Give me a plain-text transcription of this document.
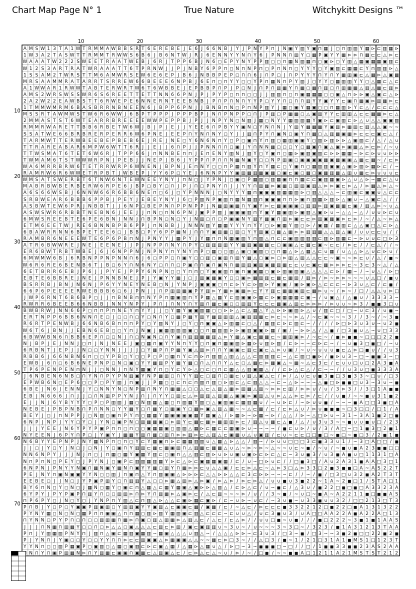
Chart Map Page N° 1	True Nature	Witchykitt Designs ™
A M S W 1 3 T A 1 W T R M M A W B B S R T 6 E R E B E J E 6 J 6 6 N B J Y J P N Y P ⊓ J N ▣ Y ▥ Y ▣ ⊓ ▦ J ◻ ⊓ ▥ ▥ Y ▦ ⊳ ⊏ ▥ ▦ ⊳
1 W 3 A 2 T A S W T T R M M T R W W S 6 B 6 J B 6 N T W J R J 6 E N N Y Y N ⊓ Y 6 J P N N ⊓ ▥ Y ◻ ▦ P ▣ Y Y ▦ ⊳ ⊳ ⊓ ▦ ⊏ ⊏ △ ⊳ ⊏
W A A A T W 2 2 2 S W E E T R A A T W E B J 6 R J T P P 6 B J N 6 ◻ E P Y N Y P P ▥ ◻ ◻ ⊓ ▦ N ▥ ▦ ⊓ ◻ ▣ ⊳ ◻ Y ▥ △ ▦ ▣ ▦ ▦ ▣ ▥ ⊏
W 1 2 S 3 A R T R A T W R A A A T T 6 T P R N W J J P J N B Y 6 P P ⊓ ◻ N ⊓ N P ⊓ ◻ P ⊓ N ⊓ ◻ Y Y Y ◻ Y ▣ ▥ ⊏ ▦ ▦ ⊏ Y ⊓ ▥ ▥ ⊳ △
1 S S A M 2 T W R S T T M 6 A M W R S E W 6 E 6 E P J B 6 J N B B P E P ◻ ⊓ ⊓ 6 J ⊓ P ◻ J ⊓ P Y Y Y ⊓ Y ⊓ Y ▦ ▥ ▣ ⊏ △ ▦ ⊳ △ ▣ ▦
M R S A A M M R A T A R R T S R R E W 6 6 B E E E 6 N P B J 6 E ⊓ ◻ ⊓ Y Y ◻ ◻ Y P ⊓ ▦ N ⊓ P Y ▥ J ◻ Y Y ◻ ▦ ▥ ▥ Y Y ◻ △ ▦ ⊏ △ ⊏
A 1 W W A R 1 R W W T A B T E R W R T W 6 T 6 W B B E J E P B B P ⊓ P J P ◻ N J ⊓ P ⊓ ▥ ▦ Y ⊓ ▦ ◻ ▦ ⊓ ▥ ◻ ⊓ ▥ ▦ ▦ △ ▥ △ ▦ ⊏ ▥ ⊳
A M S 2 W R S W S S W R 6 S 6 R E E T T E T T N N 6 6 P N J P J P Y P ◻ ⊓ ⊓ ◻ ◻ J J ▥ ▥ ⊓ ◻ ⊓ ▣ ▦ ▦ ▦ ◻ ◻ ▣ △ ⊓ ⊳ ⊳ ▣ △ ▣ ⊏ △ ⊳
2 A 2 W 2 2 E A W B S T T 6 R W E P E 6 N N E R N T E E B N B J P ⊓ P ⊓ N ⊓ Y Y P ◻ Y Y ⊓ ◻ ⊓ ⊓ ▥ Y Y ▣ Y Y ⊏ ▣ ⊓ ▦ ▣ ⊳ ▥ ▦ ⊳ ⊏
1 T M M W M R M 6 B A S B R R N B N E E N 6 J B P P 6 P N J J B N B ⊓ N ◻ P ⊓ N P ▥ Y J ▦ ◻ ▣ Y ▦ ▣ ◻ ◻ ⊓ ▦ ▥ ⊳ Y ⊏ △ / ⊏ ⊏ ⊏ △
M S S R T A W M W S T W 6 R 6 W W J 6 B P T P P P J P P P B P J N ⊓ P N P P ◻ ⊓ J P ▥ ◻ P ▦ ▦ ◻ △ ▣ ▥ Y Y ⊏ ▥ ▥ △ ⊏ ⊏ ▦ ▦ ⊳ ⊏ △
2 M M A S T S T 6 W T E A R R B R E E E E W W P E P P B J P J J N P Y N ◻ N ▥ J ▦ ◻ N Y Y ▦ ▥ ▥ ▦ Y ▣ ⊳ ⊏ ▣ ▥ ⊏ ⊳ △ ∪ △ △ ▣ ▣ ▥
R M M R W A R E T T B B 6 R B E T W 6 W J B J P J E J J Y E E 6 ⊓ P B Y Y ▣ N ◻ Y N ⊓ N J Y ▥ Y ▦ ▦ ▦ Y ▣ ▥ ⊳ ▦ ▥ ⊏ ▥ △ △ ▣ ~ ~
S S A T W E 6 6 B R B R E R P E R R 6 W 6 P N E J E E P ⊓ Y N ⊓ N Y ◻ Y J J ▥ ⊓ P Y ⊓ ▣ N ◻ ▣ Y ⊓ ▦ ◻ △ ▥ ▦ ▣ ▦ ⊳ ⊏ ⊏ ⊏ ▣ ⊏ △ /
T A R M W T T E R W B E E B E P B E B 6 E J R E J N E ◻ Y 6 N 6 N ⊓ Y ◻ P ◻ ▣ ⊓ Y ⊓ ▥ ◻ ▦ ▥ ▣ ▣ Y ◻ ▥ ⊳ ▥ ⊳ ⊳ △ ▣ ▥ ⊏ / △ / △ ∪
T T R A R E A B A R 6 M P W 6 W T T 6 R J J E J J 6 ⊓ P J J P N N ⊓ ⊓ ◻ ▣ J Y ⊓ N N ▦ ◻ ◻ ◻ Y ◻ ▦ ▣ ⊓ ▣ △ ▣ ⊳ ▣ ▦ △ ⊳ ⊏ ⊳ / ~ ∪
T T W S M A T 6 T E T 6 W 6 R J T P P 6 6 J ⊓ N N B E ⊓ ⊓ J E ⊓ E N Y ▥ N J ▥ Y ◻ Y ▣ ⊓ ◻ ▦ ⊳ ▣ ▥ ▣ ▥ ⊏ ⊳ ⊳ ▦ ▦ ~ ⊳ ⊏ ⊳ ∪ ∪ ⊳ ⊳
T W M A M 6 T S T W W W R P N J P E B J J N E P J B 6 J Y P P ⊓ P ⊓ ⊓ N ▦ N ▣ Y ◻ ◻ N P ▥ ▣ ◻ ▣ ▣ ▣ ▣ ▦ ▣ ▦ ▣ ▣ △ ▦ ⊏ ▦ ~ / ⊏ ⊳
W A 6 M R R B R W 6 T E T R R W R P 6 W N E N J B P N J E ⊓ N Y ◻ ◻ ⊓ P ▦ ⊓ ▥ Y ⊓ Y ▦ ⊏ ◻ Y ▣ ⊓ ◻ ▦ ▥ ▥ ▣ ▣ △ ▣ ⊳ ▥ ⊳ ▦ ⊳ ⊏ / ~
R A M R W 6 R 6 W W E T R P B T J W B E P J Y Y 6 P ◻ Y E J 6 N N P Y Y ▣ ▥ ▦ ▥ ▦ ▣ ▦ ◻ ▣ ⊏ ▣ ◻ ▦ ◻ ▣ ▦ ▥ ▦ △ ▥ ∪ ▦ ⊏ ⊳ ∪ ∪ ∪ ⊏
W M S A T S W E R B T 6 T N W 6 N T E W N E E Y N Y J ⊓ N ◻ J Y P N J ◻ ▣ ◻ P ▦ ▥ ◻ ▥ ▦ ▣ ⊓ ⊓ ▦ ⊏ ⊏ ▣ ▥ ▦ ▣ ⊳ △ ∪ △ ⊳ ~ ▦ ⊏ △ ∪
M A B R B W B E R B E R W 6 R P E 6 J B P ◻ B Y ◻ ⊓ J P J ⊓ ◻ P N Y ⊓ J J Y Y ⊓ ▥ ▦ ⊳ ▣ ▦ ◻ ▥ ▥ ▣ ▥ △ ⊳ ⊳ ▣ ⊏ ⊳ △ / ⊳ ▦ △ ⊳ △ ~
A 6 S 6 6 W S B J 6 N N W 6 6 R 6 B B 6 N E ⊓ ◻ 6 J ◻ Y P N N N J ◻ N Y Y Y ▦ ⊓ ▣ ▣ ▣ ▥ ▦ ▦ ▥ ⊳ ◻ ▥ △ △ △ ~ ⊏ ▥ ▣ ⊏ ▣ ▣ ∪ △ ⊏ ⊏
S R B W E A R 6 B B B 6 P P B J P E Y J E B E Y N Y J 6 ◻ P ▥ N P ▣ ▥ ⊓ ▦ N ▦ ▥ ⊓ ▣ ▣ ▣ ⊓ ⊓ ⊳ ▣ ⊓ ▥ ▦ ⊳ ▥ ⊳ △ ▣ ∪ ~ △ ▣ ⊏ △ / /
A S B W T E W 6 P R J N B B T J J 6 N P ◻ B E P N ⊓ P P N P P J N ▦ ▥ ▣ ▦ ⊓ Y ▣ Y ⊳ ⊏ ▦ ▣ ▣ ▣ ◻ ▥ ▥ ⊳ ▥ ▣ ▦ ▦ ⊏ ▣ / ▥ △ ⊳ ~ ∪ △
A S W S W R 6 R B B T N E B N 6 J E E J J ⊓ N ◻ ⊓ N 6 P N J ▣ P P ▥ J ▣ ▣ ▣ ▥ ⊓ Y ▣ Y ▦ ▣ ▥ ⊳ ▣ ▥ △ ▣ ⊳ ∪ ~ △ △ ~ △ / ∪ ∪ ⊳ ⊏ ∪
6 M W S R E E B T E 6 P E 6 B N J N N J ⊓ B P N ◻ N ◻ Y J N ▥ ◻ ⊓ ◻ P ▣ ▣ N Y ▥ Y ▦ ▣ ⊓ ▥ ⊳ ▣ ⊏ ⊏ ⊳ ▥ ▣ ▦ ▣ ⊳ ⊏ ⊳ / ~ / △ ~ ⊳ △
E T M 6 E E T W J R E 6 B N N B P B 6 P P J ⊓ N B B J J N N N ▥ Y ▦ ▦ Y Y Y ⊓ Y Y ◻ ⊳ ▣ ▦ Y ▥ ◻ ⊳ / ▣ ▦ / ▦ ▥ ⊏ △ △ ▣ □ △ ⊏ ⊳ △
6 B A W R R N N 6 B P E T E E 6 ◻ J B B ◻ P Y 6 P P ▦ N J ⊓ ⊓ Y ▣ ▥ ▦ ◻ ▥ ◻ Y Y ▥ ▣ ◻ ▦ △ ▦ ⊳ ⊳ ▥ ▥ ▦ △ △ ▥ △ ▣ / ∪ ∪ ⊏ ⊏ ∪ / /
R A M B R 6 N E E E W T E 6 P 6 P B ⊓ N J P N Y Y J ▦ P Y J Y ▦ ⊓ ⊓ N ▦ ▣ ▥ Y ⊓ ▥ △ ⊓ ⊏ ⊏ ▣ ▥ ▥ ▥ ▥ ⊏ ▥ ⊳ ▥ ▦ ⊏ ~ ⊳ ∪ ∪ ⊏ □ ⊳ 3
A T R 6 B W W R E J N E J E E N E J J P J N P P ⊓ N Y ⊓ P Y ◻ ▥ ▥ ▥ ▥ Y Y ▦ ▥ ▣ ▦ ▦ ⊏ ◻ ▣ ▣ △ ⊏ ▦ ⊏ ▣ ~ ⊏ ⊏ / ⊳ ⊏ / / ⊏ △ / / ~
E R 6 B W T R B T W B E J 6 J 6 N P P N J N P N Y ⊓ Y N Y ⊓ P ◻ ▦ ◻ ◻ ▥ △ ▣ ◻ ▣ ▥ ◻ ◻ ⊓ ▦ △ ⊳ △ ▦ △ ⊏ ∪ ▦ / ∪ △ △ ⊳ △ ∪ ⊏ ⊳ ∪ /
6 M W M W 6 B J 6 R B N P P N P N N ⊓ 6 J 6 ◻ P P ◻ ⊓ ▣ Y ◻ ◻ ▥ ◻ ▣ ▥ ⊓ ▥ Y ▦ △ ◻ ▣ ⊳ ◻ ⊳ ▥ △ ▥ △ △ ⊏ ⊏ ~ ▣ ~ ~ ⊳ ⊏ ∪ / △ / ◼ ~
W 6 R 6 R E 6 B E N B 6 T J B ◻ 6 Y ⊓ N 6 N Y ◻ ⊓ ⊓ ◻ P ▣ ⊓ ⊓ ▣ ⊓ ▣ N ⊓ ▦ ▥ ▥ ▣ ▥ ▣ ▦ ▥ ▦ ⊏ ⊏ ∪ ⊏ ▣ ⊏ ▦ ⊳ ⊳ ⊳ ⊏ ~ 3 ⊏ 3 ~ △ / △
6 E T B R R 6 E B J P 6 J J P Y E J P P Y 6 N P N ◻ ◻ Y ⊓ ⊓ ◻ Y ▣ ▣ ▥ ⊓ ▣ ⊓ ▣ ▣ ▦ ◻ ▣ ⊳ ▥ ▣ ▥ ▣ △ △ △ △ ⊏ ⊳ / ▦ ~ / ~ ∪ △ / ⊳ □
E B T E 6 B B R E J N E J P N N B N E J P J Y ▣ Y Y ▦ J ◻ J ▥ ▣ ▦ ▣ Y ◻ ◻ ▣ ⊳ ▦ ▥ ▥ ⊏ ▦ ⊏ ▦ ▥ / ▥ ⊳ / ⊳ ~ ⊳ ⊳ ~ ~ ~ ∪ △ □ / ◼ ∪
B S R R B J B N J N 6 N J P 6 Y Y N E Y N E B ◻ N J Y N P J ▣ ▣ ▣ ◻ ⊓ ⊏ ⊳ Y ⊏ ⊳ ▥ ⊳ Y ▣ ▣ / ▣ ⊳ ▣ ⊳ △ ⊏ ⊏ ⊏ ~ ⊳ 3 ∪ △ ⊏ / ⊏ ◼ /
6 6 P 6 P E E E E R W E B B B 6 ◻ 6 J P N J J ⊓ P ▥ ▥ ▦ ▣ P Y ▥ ⊳ Y ▦ ⊳ ▣ ▦ ⊳ ⊏ Y Y ▥ ⊏ ▦ ▦ ▣ ▥ ⊏ ▦ ⊳ ∪ ~ / ⊳ ~ / □ / △ △ ∪ ⊳ □
J W P 6 R N T 6 B 6 B P ◻ J J ⊓ B N B ⊓ ⊓ N Y P ⊓ ▦ ▣ ▥ ⊓ Y P ▦ △ ▦ Y ⊏ ▥ ▣ ▣ ⊳ ▦ ⊏ ⊳ ▣ ▦ ▦ ▦ ⊏ ▣ ~ / ∪ ▣ △ / △ ◼ ∪ / 3 3 3 3 ~
R W R R 6 B E E B 6 6 N B B J N N Y N P Y J P ⊓ J ⊓ N Y ⊓ Y ▥ ⊓ ▦ ⊏ ▣ ◻ ◻ ▥ ▥ Y ⊏ ⊏ ⊏ ▦ ▣ △ ▥ ⊏ ⊳ ⊳ ⊳ / ⊳ ∪ ∪ ~ ⊳ 3 / ◼ ◼ 3 □ ∪
B W B R W J N N 6 6 P ◻ ⊓ ⊓ P ⊓ N E Y ⊓ Y Y J J ◻ Y ▦ Y ▣ ▣ ▥ ▦ ◻ ◻ ⊳ ⊳ △ ⊏ △ ▦ △ Y △ ⊳ ⊳ ▣ ▥ ⊳ △ ∪ / ▥ ⊏ □ / □ ~ ∪ ⊏ 3 / ∪ ◼ ~
E R T N P P 6 B B 6 N N ⊓ E ◻ J ◻ ◻ ⊓ ◻ Y ◻ N ⊓ Y ◻ ▦ P ▦ Y ▥ Y ▦ ▥ ▥ ▥ △ ▣ ▥ ▥ ▦ ⊏ ⊳ ⊏ ~ ~ ⊳ △ / ~ ⊏ ▣ ~ ~ ~ 3 / / 3 ~ / ~ 3 ◼
R 6 R T P E N W B J 6 6 N B 6 B ⊓ ⊓ ⊓ P Y ◻ Y ▥ N Y J ◻ Y ◻ ⊓ ▣ ▣ △ ⊳ ▥ ▦ ⊏ ◻ △ / ▦ ▥ ⊏ ⊳ ⊏ ▥ ⊏ ~ / / / / ⊳ □ ⊳ 3 ∪ 3 ∪ ~ ∪ 2 ◼
W 6 T 6 J B N J J E B N 6 E B ◻ ◻ Y ⊓ J N ▣ J ▣ ▦ ▥ ▥ ▥ ▣ ◻ ◻ ⊓ ▦ ▥ ▥ ⊳ ⊳ ▣ ▥ ▣ ▣ ⊳ ▦ / ▣ / ~ ⊳ ⊳ △ / △ ◼ / □ 3 ◼ ∪ △ ~ ∪ □ 3 3
6 B W W B N 6 ⊓ B B 6 E P ⊓ ◻ ◻ N J ⊓ ◻ N ▣ N ◻ ⊓ Y ▣ ⊓ ▥ ▥ ▦ ▦ ▥ △ ⊳ Y ▦ △ ▣ ⊏ ▦ ▦ ⊏ ~ ▦ ▥ ▣ ⊳ / ~ ⊏ ~ / ◼ ⊳ ◼ ◼ ~ □ □ □ 2 2 ◼
N J B P J E J N N J ◻ ⊓ J N J N E E J ▣ ◻ ▦ ⊓ ▣ Y Y N ⊓ Y Y ◻ ⊓ ▣ ⊓ ▦ ▣ ▥ ⊳ ▦ ⊳ ∪ ▥ ⊳ ▥ / ⊏ ⊳ ~ ~ ⊏ ⊳ ⊏ ~ / ~ ∪ ◼ 3 □ ◼ □ / ~ ∪
6 R B N T J E P J J N ◻ ◻ Y N N J J J J ◻ Y ▦ P ⊓ P ▦ Y ▣ △ ▥ ⊳ ⊓ ⊓ Y ▣ ▣ ⊏ ▥ ⊏ ▣ ⊏ △ ⊳ ∪ ▣ / ~ ∪ ~ ∪ ∪ ∪ ◼ ⊏ △ ⊳ □ ◼ ∪ / / ∪ 3
R B B 6 J 6 6 N B N 6 ⊓ ◻ ◻ Y P B ◻ Y ◻ ◻ P ◻ P ◻ ▦ ⊓ Y ⊏ ⊓ ⊳ ⊓ ▥ ▥ △ ▥ △ △ △ ⊏ ▥ ▥ ▥ ⊏ ~ △ ⊏ ▥ □ ◼ ⊳ / ◼ ⊳ ∪ 3 ~ □ ~ ◼ ◼ 3 ~ □
E W B J 6 ⊓ ◻ 6 B 6 N E P N P ◻ N ◻ ▣ ◻ Y Y ▦ ▥ P Y ▦ Y ▦ ◻ ⊓ △ ⊓ ⊓ Y △ ⊏ ◻ △ ▦ ⊏ ⊳ ▦ ▣ △ ~ ▦ ~ △ ⊏ 3 ⊏ / ⊏ ∪ ∪ □ ∪ □ 2 A 3 ◼ A
T P 6 P E N P E N ⊓ N J J ◻ N N J ⊓ N Y ▦ ▣ Y ⊓ ◻ Y ⊏ Y ⊳ △ ◻ ⊏ ◻ ⊓ ⊏ ▦ △ △ ▥ ▣ ▦ △ / / ⊏ ⊳ △ ⊏ △ / ⊏ ~ ~ / / ∪ 3 ∪ □ ◼ 3 3 3 A
J 6 N B E N 6 N B ◻ ⊓ Y N ⊓ P Y P N ▥ ▣ Y N P ▦ ▥ ◻ ⊓ Y Y ▥ ⊏ ◻ ▥ ⊓ ◻ ▦ ⊏ ∪ ▥ △ ▣ △ ⊏ / ⊳ / △ ∪ ⊏ ∪ ◼ 3 ◼ □ 3 ◼ 3 3 ~ □ ∪ / □ 3
E P W B 6 N ◻ E P 6 ◻ ◻ P ◻ P Y ▥ J ⊓ ▣ J J P ▦ ◻ ◻ ⊏ ⊓ ⊏ ⊓ ▥ ⊓ ▥ ◻ ⊳ ▥ ⊏ △ ⊏ ▥ △ △ ~ ⊏ ~ △ ⊳ ~ ~ ~ △ ◼ □ ⊳ ◼ ◼ □ ∪ 3 ~ 3 ∪ ~ ◼
6 B E J N 6 J E N N J Y ◻ N N Y N ◻ N P ▥ ⊓ N Y ⊓ ▦ ▦ △ ◻ ◻ △ ⊏ △ ▥ △ ▦ ⊳ ▥ ▦ △ ▥ ~ ⊳ ⊳ ⊏ ▥ / ⊳ ⊳ ∪ / ∪ / 3 ⊳ 3 / / 3 □ 1 A ◼ ◼
E B J N 6 6 6 J ⊓ J J ◻ ⊓ N ▥ P P Y N J ⊓ J ⊓ Y Y ◻ ▥ ⊏ △ ⊳ ▥ ▥ △ ▥ ▦ △ ▣ ▣ ⊳ ▣ ▥ △ ∪ ⊳ △ △ ⊳ ⊏ ⊳ / ⊏ / / ∪ ◼ / ~ ~ ◼ ∪ 3 1 ◼ 2
E J J N J 6 Y B Y Y Y ◻ P ◻ P ▥ ▥ J ▦ ◻ N ▥ ▦ △ ▦ ◻ ⊓ ▥ ▦ Y ▥ ◻ △ ▣ ▥ ▣ ⊏ ▦ ▥ ▦ ∪ / ~ ∪ ⊳ ⊏ / ~ ⊳ ∪ ∪ ◼ / ~ ~ ~ ◼ A □ □ 3 ◼ □ A
N E B E J P B P N B ⊓ P ⊓ N N ◻ Y Y ▦ Y ◻ ⊓ ▦ Y ◻ ▦ ▣ Y ◻ ▦ ⊳ ▣ △ ▥ △ ▦ ~ ~ △ ⊏ ▦ / ⊏ / ⊏ ⊳ △ ∪ / ⊳ ∪ ◼ ◼ ◼ ~ □ 3 □ □ / □ 1 / A
B E Y J ◻ J ⊓ N P P J ◻ N ▥ ◻ ▣ ⊓ P Y ⊓ ◻ ▦ ▦ Y ▦ ▣ ▣ ▣ ▣ ▦ Y ▦ ▣ △ / ⊳ ▦ ⊳ ~ ⊳ ▦ ~ ⊳ / △ △ / ⊳ ~ △ □ ⊳ ∪ ~ 3 1 ~ 3 A 1 ◼ 2 □ ◼
6 N P J N P J Y Y ◻ Y ◻ J Y N ◻ ▣ P N ◻ ▥ ▦ ▦ ▣ ◻ ⊳ ▥ Y ⊏ ▦ ⊏ ▦ ⊳ ▦ ▥ ▥ ⊳ ⊏ / ▥ △ ∪ ▦ ⊏ △ ◼ / △ / ∪ 3 ∪ 3 ~ ~ ◼ ∪ ∪ ◼ ∪ □ / 2 3
J J J Y E E J N 6 Y P Y P ▣ P ⊓ ⊓ ◻ ⊓ ◻ ◻ ▣ ▦ ▦ ▣ ◻ ▥ ▥ △ ▦ ⊳ ⊏ ▦ ⊏ ⊏ ▦ ▣ ⊳ ∪ ~ ~ ~ ~ / ◼ ⊏ ∪ ⊳ / ∪ / 3 / A □ ~ □ 1 ◼ 3 □ 2 ◼ 1
N Y E E N J 6 P Y ⊓ P ◻ J Y ▣ Y J ▦ ▦ Y ▥ ⊓ ▦ ◻ ▥ ⊓ ⊳ ⊳ ▥ ⊳ ⊏ △ ▥ △ ⊏ ▣ ▦ ∪ △ ∪ ▣ ▥ / ⊏ ∪ ~ ⊏ ⊏ □ □ ◼ □ ~ ◼ □ ~ ◼ □ 3 / 2 ◼ 1 ◼
N 6 B Y Y E P N P J N Y ▦ N P ⊓ ◻ ⊓ ◻ Y ⊏ Y ▦ ▣ ⊓ ⊳ ⊏ ▦ ▦ ▥ ▥ ∪ △ ▦ △ ⊳ △ △ / ▥ ~ / ⊳ ∪ ∪ □ □ □ 3 ⊏ ◼ 3 3 ∪ 1 / ~ 3 □ A □ □ / ◼
J J ◻ J Y ◻ Y J N ◻ J ◻ N J Y ◻ ▣ ⊓ Y ▥ ▥ ⊏ ▦ ⊏ ▦ ▣ ▥ ⊓ △ ▥ ▦ ⊏ ▦ ▦ △ ∪ △ ~ ⊳ ~ ⊳ ~ △ ~ ~ ∪ ⊏ ~ ◼ / ~ ∪ / ~ ◼ ∪ ◼ A 2 3 ◼ ◼ □ □
N N 6 N P Y J J J N J ⊓ ◻ J ⊓ ▦ ◻ ▦ Y ▣ ▦ Y ▥ ⊏ ◻ ▣ ⊓ △ △ ▥ ⊏ ▥ ⊳ ∪ ⊳ ∪ ▣ ∪ ▣ ⊳ ⊏ ⊳ ⊏ △ ⊏ ~ 3 ∪ ◼ 3 / ∪ 3 ◼ A ◼ ∪ □ 1 1 3 1 □ A
N ⊓ P ⊓ N ◻ P E Y ◻ J P Y N J ◻ ▣ P ⊏ ▥ ▥ ▦ ▥ ▦ Y ⊳ ⊏ △ ⊳ ⊏ ▣ ▦ ▦ ▣ ▦ / ⊏ / ∪ ~ □ ⊳ ∪ ⊏ / / □ ◼ 3 □ / A ∪ 2 A 3 1 ◼ A A □ 3 □ 1
6 N P N J P N Y Y N ▣ ⊓ ▦ N ▣ Y ▦ N ⊓ ▣ Y Y ▦ ◻ ▥ Y ⊓ ▦ ⊳ ⊳ ⊏ ∪ △ △ ▣ / ⊏ ⊏ ⊳ △ ⊏ ~ △ ⊳ 3 □ △ ⊳ 3 3 □ 2 ◼ 3 ◼ ◼ □ A ~ A S 2 2 T
P E J N Y ⊓ ▣ N ▣ ▣ Y Y N ◻ ◻ ▥ J ⊓ ▣ ⊓ △ Y ⊓ ▥ ▣ ▣ △ ⊳ ⊳ ⊳ ⊏ △ △ ⊳ ⊳ △ △ ⊏ 3 ⊏ ⊳ ⊳ ~ ~ ~ ⊏ / / ~ / ◼ / □ 3 □ ∪ 3 2 ◼ A 2 T 3 T
E E B E ◻ J J N ◻ J Y P ▣ P ▥ Y ◻ ⊓ ▥ ▥ Y △ ◻ ◻ ⊳ ▦ △ ▥ ⊳ △ ⊳ ▣ / ⊳ △ ⊳ / ⊳ ⊏ ⊳ △ / ∪ ∪ ◼ ∪ 3 ◼ 2 2 ~ 1 A ~ 2 ◼ □ 1 / S T A □ 1
B Y 6 ⊓ N ◻ Y ◻ N ◻ J ▦ N ◻ ▦ Y ◻ ▣ ⊏ ⊓ △ ▦ △ ⊏ ▦ Y ▦ ▣ △ ▣ ⊳ ⊳ △ ▥ △ / ⊏ ⊳ △ ⊏ / ∪ ~ ◼ ⊏ / △ 3 ∪ / ◼ 2 2 □ ◼ □ ◼ □ A 3 3 2 3 A
6 Y P Y J P Y P ▣ P ⊓ ▥ Y ⊓ ◻ ◻ ▥ ▥ ⊳ ⊓ ⊳ Y ⊓ ▥ ▦ ⊳ △ ▣ ⊳ ⊏ / △ ⊏ ▥ ~ ~ ~ ⊳ / ∪ / / 3 ~ ◼ / ~ ∪ □ ~ ◼ A ~ A 2 2 1 1 ◼ □ ◼ ◼ A S
⊓ P 6 P Y ◻ J N ◻ Y ◻ J Y N P ⊓ Y ▥ △ ⊏ ⊓ ▥ △ ⊳ △ △ ⊏ ▣ ⊳ ▦ ⊏ ▣ ⊳ / ⊏ ~ ∪ ⊳ ~ ∪ ⊏ / ~ 3 ∪ ◼ ~ ∪ 3 3 ◼ ∪ ∪ 3 2 / □ □ 2 1 3 □ T 3
P ⊓ B J Y ◻ P ◻ Y ▣ ▣ P ▥ ▣ ▥ ◻ Y ▥ ▥ ▣ Y Y ▣ ▥ △ ⊏ ▣ ▣ ⊏ ▦ / ▣ ▦ / ⊏ / ~ △ ⊏ / ⊳ ⊏ ⊏ ⊏ ◼ 3 3 2 2 1 2 □ ◼ 2 2 □ ◼ A 1 3 1 3 2 2
P Y N Y ▦ ◻ N ◻ N ◻ ▦ P ⊓ ⊓ ▣ ▣ △ ⊓ ⊓ ▦ ◻ ▥ ⊳ ▥ Y ▦ ▥ ▣ ⊏ ▥ △ ⊏ ⊏ ⊏ ~ ⊏ ∪ ∪ △ / ∪ ⊏ 3 ◼ ∪ 3 / ∪ A □ □ A A 2 2 A ◼ A 2 2 A □ 1 3
⊓ Y N N ◻ P Y P ⊓ ◻ ⊓ ◻ ◻ ▥ ▥ ▦ ⊓ ▦ ⊳ ⊓ ▣ ◻ ▥ △ ▥ ▦ ⊳ △ ▥ △ ⊏ / △ ⊏ / ⊏ △ ⊳ / / ∪ ∪ □ ◼ ~ ∪ ◼ / / / ◼ □ 2 2 2 ~ 3 ◼ 1 ◼ 1 A A S
J J J ⊓ N ▦ ⊓ ▥ ▦ Y ◻ ◻ ⊓ ◻ ⊳ △ △ ◻ ▣ △ △ △ ⊏ ▥ ⊏ ⊳ ▥ / ▣ ⊏ ▣ ▥ ▥ ∪ ~ 3 ∪ ~ / ∪ ~ ~ ~ 3 ~ 3 □ ~ / 3 2 3 / ◼ 1 A 3 1 2 1 3 T A A
P ⊓ J Y ▥ ▦ ▥ P N Y ⊓ J ▥ ⊓ △ ▣ ⊏ ▦ ▥ ▣ ▦ ▥ ~ ▦ ▣ △ △ △ ∪ ▥ △ ~ / △ △ △ ⊳ ⊳ ~ ⊏ 3 ∪ 3 / □ 3 ~ ◼ / □ 3 ~ ~ 3 ◼ 2 ◼ □ □ 2 2 ◼ 2 ◼
P J Y N ⊓ J Y ▣ ◻ ◻ Y ◻ ◻ Y Y ⊓ ⊓ ⊳ ⊏ ⊏ ▥ ▣ ▣ △ ⊳ ▦ ▣ ▣ △ △ ~ ~ ▦ ⊏ ⊳ □ 3 ~ / / △ □ 3 / ◼ ~ 1 / 2 1 □ 3 1 A 1 ◼ M S 1 □ 1 2 3 T
Y Y N ⊓ ◻ ◻ ▥ P ▦ ▣ P ◻ ▣ ▥ ◻ △ ▦ ◻ ▣ ▥ ⊏ ⊳ ⊏ ▣ △ ▦ / △ ▦ ⊳ △ ▦ ∪ △ / ⊳ □ ~ 3 ~ ◼ ◼ ◼ □ ~ □ / / □ / 1 ◼ ◼ 3 3 ◼ ◼ 2 3 A S 2 A A
N ⊓ Y ⊓ ▣ P ▥ ▦ N ⊳ ⊓ Y ▥ ▦ ⊏ ▣ ▣ ⊓ ▣ ▦ ⊏ △ ▥ ▣ △ ⊏ / ⊏ ⊳ △ ⊏ △ ~ ∪ / ⊳ / ~ / □ ◼ / ~ ~ ◼ ◼ A □ 1 2 1 1 A 2 1 M S T S T 2 1 2
10	20	30	40	50	60
10
20
30
40
50
60
70
